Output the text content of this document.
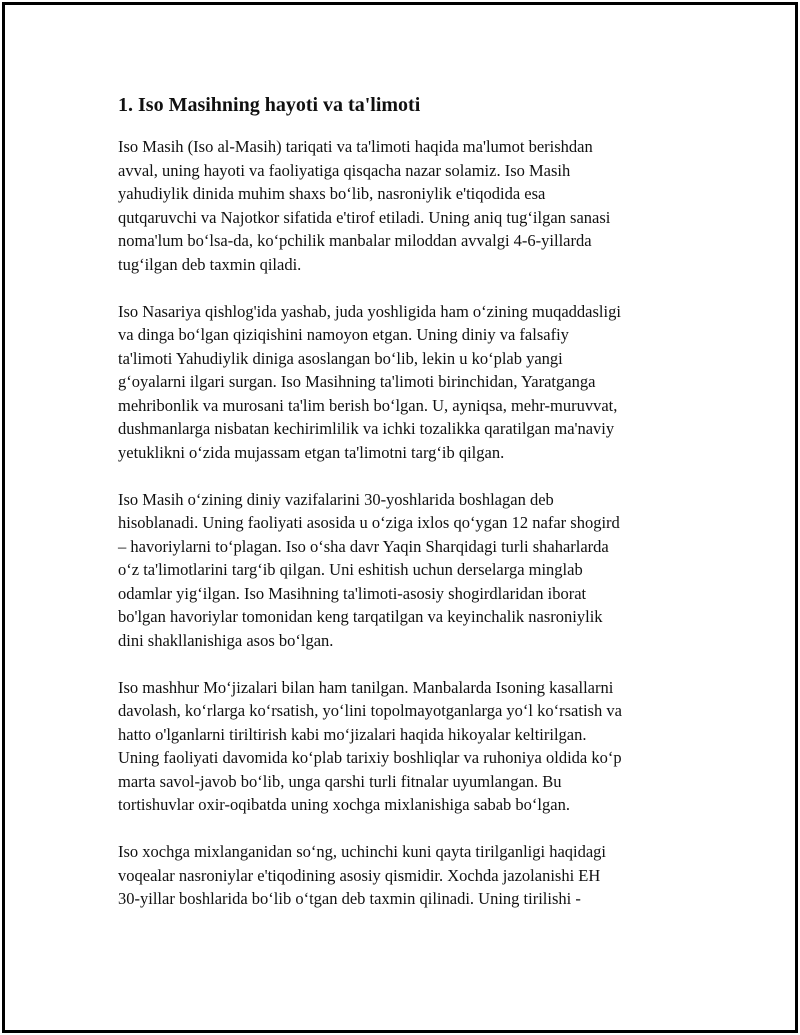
1. Iso Masihning hayoti va ta'limoti
Iso Masih (Iso al-Masih) tariqati va ta'limoti haqida ma'lumot berishdan
avval, uning hayoti va faoliyatiga qisqacha nazar solamiz. Iso Masih
yahudiylik dinida muhim shaxs bo‘lib, nasroniylik e'tiqodida esa
qutqaruvchi va Najotkor sifatida e'tirof etiladi. Uning aniq tug‘ilgan sanasi
noma'lum bo‘lsa-da, ko‘pchilik manbalar miloddan avvalgi 4-6-yillarda
tug‘ilgan deb taxmin qiladi.
Iso Nasariya qishlog'ida yashab, juda yoshligida ham o‘zining muqaddasligi
va dinga bo‘lgan qiziqishini namoyon etgan. Uning diniy va falsafiy
ta'limoti Yahudiylik diniga asoslangan bo‘lib, lekin u ko‘plab yangi
g‘oyalarni ilgari surgan. Iso Masihning ta'limoti birinchidan, Yaratganga
mehribonlik va murosani ta'lim berish bo‘lgan. U, ayniqsa, mehr-muruvvat,
dushmanlarga nisbatan kechirimlilik va ichki tozalikka qaratilgan ma'naviy
yetuklikni o‘zida mujassam etgan ta'limotni targ‘ib qilgan.
Iso Masih o‘zining diniy vazifalarini 30-yoshlarida boshlagan deb
hisoblanadi. Uning faoliyati asosida u o‘ziga ixlos qo‘ygan 12 nafar shogird
– havoriylarni to‘plagan. Iso o‘sha davr Yaqin Sharqidagi turli shaharlarda
o‘z ta'limotlarini targ‘ib qilgan. Uni eshitish uchun derselarga minglab
odamlar yig‘ilgan. Iso Masihning ta'limoti-asosiy shogirdlaridan iborat
bo'lgan havoriylar tomonidan keng tarqatilgan va keyinchalik nasroniylik
dini shakllanishiga asos bo‘lgan.
Iso mashhur Mo‘jizalari bilan ham tanilgan. Manbalarda Isoning kasallarni
davolash, ko‘rlarga ko‘rsatish, yo‘lini topolmayotganlarga yo‘l ko‘rsatish va
hatto o'lganlarni tiriltirish kabi mo‘jizalari haqida hikoyalar keltirilgan.
Uning faoliyati davomida ko‘plab tarixiy boshliqlar va ruhoniya oldida ko‘p
marta savol-javob bo‘lib, unga qarshi turli fitnalar uyumlangan. Bu
tortishuvlar oxir-oqibatda uning xochga mixlanishiga sabab bo‘lgan.
Iso xochga mixlanganidan so‘ng, uchinchi kuni qayta tirilganligi haqidagi
voqealar nasroniylar e'tiqodining asosiy qismidir. Xochda jazolanishi EH
30-yillar boshlarida bo‘lib o‘tgan deb taxmin qilinadi. Uning tirilishi -
